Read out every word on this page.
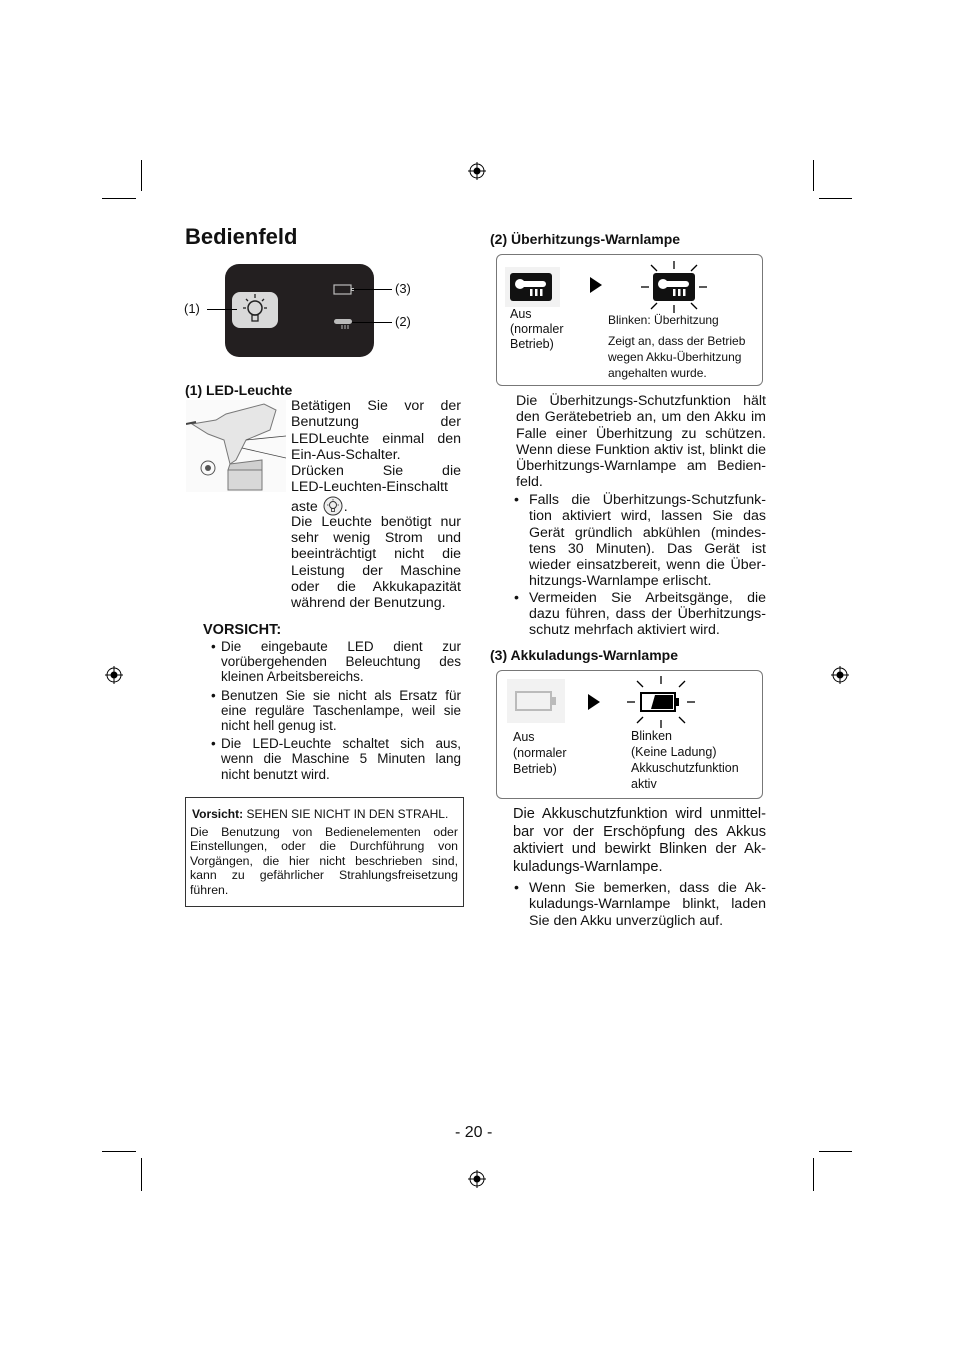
Bedienfeld
(1)
(3)
(2)
(1) LED-Leuchte
Betätigen Sie vor der
Benutzung der
LEDLeuchte einmal den
Ein-Aus-Schalter.
Drücken Sie die
LED-Leuchten-Einschaltt
aste .
Die Leuchte benötigt nur
sehr wenig Strom und
beeinträchtigt nicht die
Leistung der Maschine
oder die Akkukapazität
während der Benutzung.
VORSICHT:
• Die eingebaute LED dient zur
vorübergehenden Beleuchtung des
kleinen Arbeitsbereichs.
• Benutzen Sie sie nicht als Ersatz für
eine reguläre Taschenlampe, weil sie
nicht hell genug ist.
• Die LED-Leuchte schaltet sich aus,
wenn die Maschine 5 Minuten lang
nicht benutzt wird.
Vorsicht: SEHEN SIE NICHT IN DEN STRAHL.
Die Benutzung von Bedienelementen oder
Einstellungen, oder die Durchführung von
Vorgängen, die hier nicht beschrieben sind,
kann zu gefährlicher Strahlungsfreisetzung
führen.
(2) Überhitzungs-Warnlampe
Aus
(normaler
Betrieb)
Blinken: Überhitzung
Zeigt an, dass der Betrieb
wegen Akku-Überhitzung
angehalten wurde.
Die Überhitzungs-Schutzfunktion hält
den Gerätebetrieb an, um den Akku im
Falle einer Überhitzung zu schützen.
Wenn diese Funktion aktiv ist, blinkt die
Überhitzungs-Warnlampe am Bedien-
feld.
• Falls die Überhitzungs-Schutzfunk-
tion aktiviert wird, lassen Sie das
Gerät gründlich abkühlen (mindes-
tens 30 Minuten). Das Gerät ist
wieder einsatzbereit, wenn die Über-
hitzungs-Warnlampe erlischt.
• Vermeiden Sie Arbeitsgänge, die
dazu führen, dass der Überhitzungs-
schutz mehrfach aktiviert wird.
(3) Akkuladungs-Warnlampe
Aus
(normaler
Betrieb)
Blinken
(Keine Ladung)
Akkuschutzfunktion
aktiv
Die Akkuschutzfunktion wird unmittel-
bar vor der Erschöpfung des Akkus
aktiviert und bewirkt Blinken der Ak-
kuladungs-Warnlampe.
• Wenn Sie bemerken, dass die Ak-
kuladungs-Warnlampe blinkt, laden
Sie den Akku unverzüglich auf.
- 20 -
